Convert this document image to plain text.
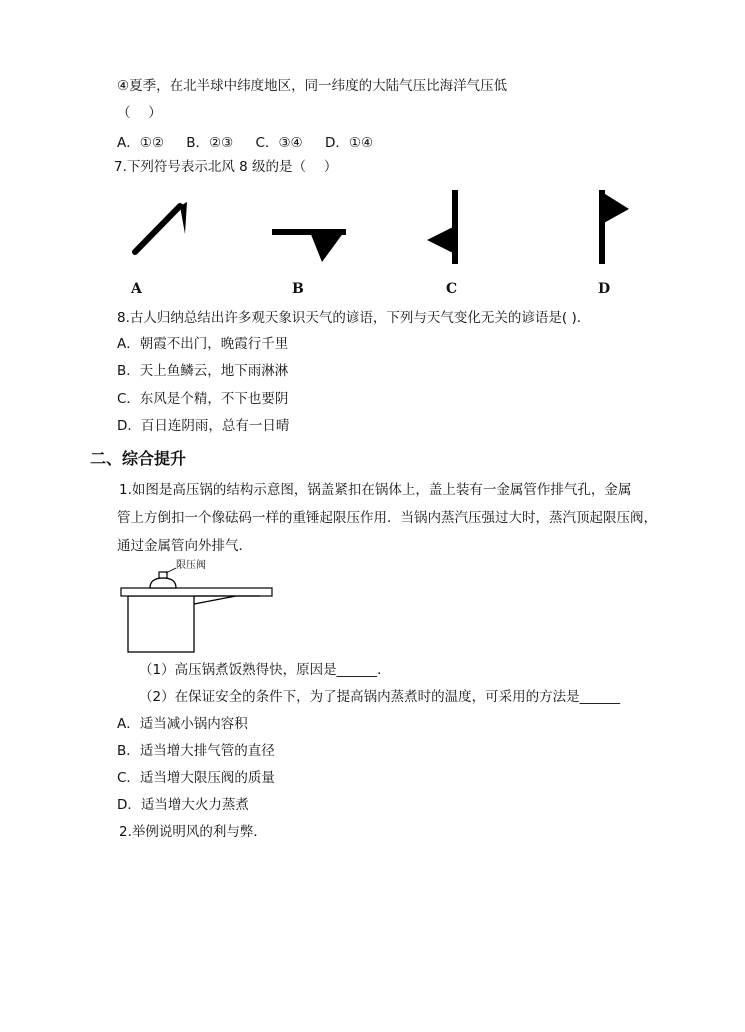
④夏季，在北半球中纬度地区，同一纬度的大陆气压比海洋气压低
（　 ）
A．①② B．②③ C．③④ D．①④
7.下列符号表示北风 8 级的是（　 ）
A	B	C	D
8.古人归纳总结出许多观天象识天气的谚语，下列与天气变化无关的谚语是( ).
A．朝霞不出门，晚霞行千里
B．天上鱼鳞云，地下雨淋淋
C．东风是个精，不下也要阴
D．百日连阴雨，总有一日晴
二、综合提升
1.如图是高压锅的结构示意图，锅盖紧扣在锅体上，盖上装有一金属管作排气孔，金属
管上方倒扣一个像砝码一样的重锤起限压作用．当锅内蒸汽压强过大时，蒸汽顶起限压阀，
通过金属管向外排气．
限压阀
（1）高压锅煮饭熟得快，原因是______．
（2）在保证安全的条件下，为了提高锅内蒸煮时的温度，可采用的方法是______
A．适当减小锅内容积
B．适当增大排气管的直径
C．适当增大限压阀的质量
D．适当增大火力蒸煮
2.举例说明风的利与弊．
